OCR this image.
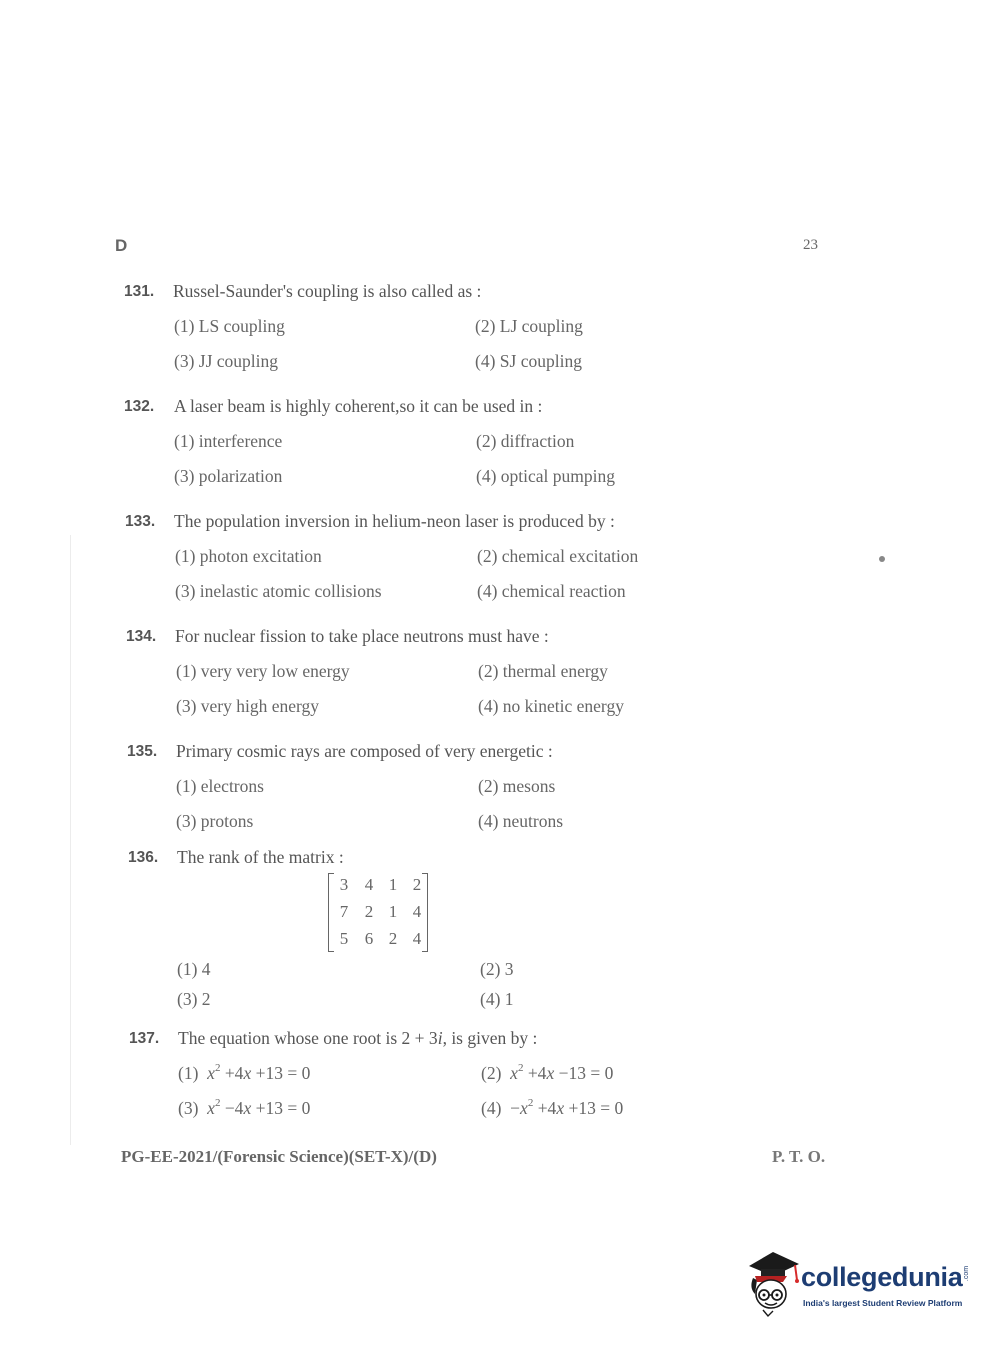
D	23
131. Russel-Saunder's coupling is also called as :
(1) LS coupling	(2) LJ coupling
(3) JJ coupling	(4) SJ coupling
132. A laser beam is highly coherent,so it can be used in :
(1) interference	(2) diffraction
(3) polarization	(4) optical pumping
133. The population inversion in helium-neon laser is produced by :
(1) photon excitation	(2) chemical excitation
(3) inelastic atomic collisions	(4) chemical reaction
134. For nuclear fission to take place neutrons must have :
(1) very very low energy	(2) thermal energy
(3) very high energy	(4) no kinetic energy
135. Primary cosmic rays are composed of very energetic :
(1) electrons	(2) mesons
(3) protons	(4) neutrons
136. The rank of the matrix :
3 4 1 2
7 2 1 4
5 6 2 4
(1) 4	(2) 3
(3) 2	(4) 1
137. The equation whose one root is 2 + 3i, is given by :
(1) $x^2 +4x +13 = 0$	(2) $x^2 +4x -13 = 0$
(3) $x^2 -4x +13 = 0$	$(4) -x^2 +4x +13 = 0$
PG-EE-2021/(Forensic Science)(SET-X)/(D)	P. T. O.
collegedunia .com
India's largest Student Review Platform
